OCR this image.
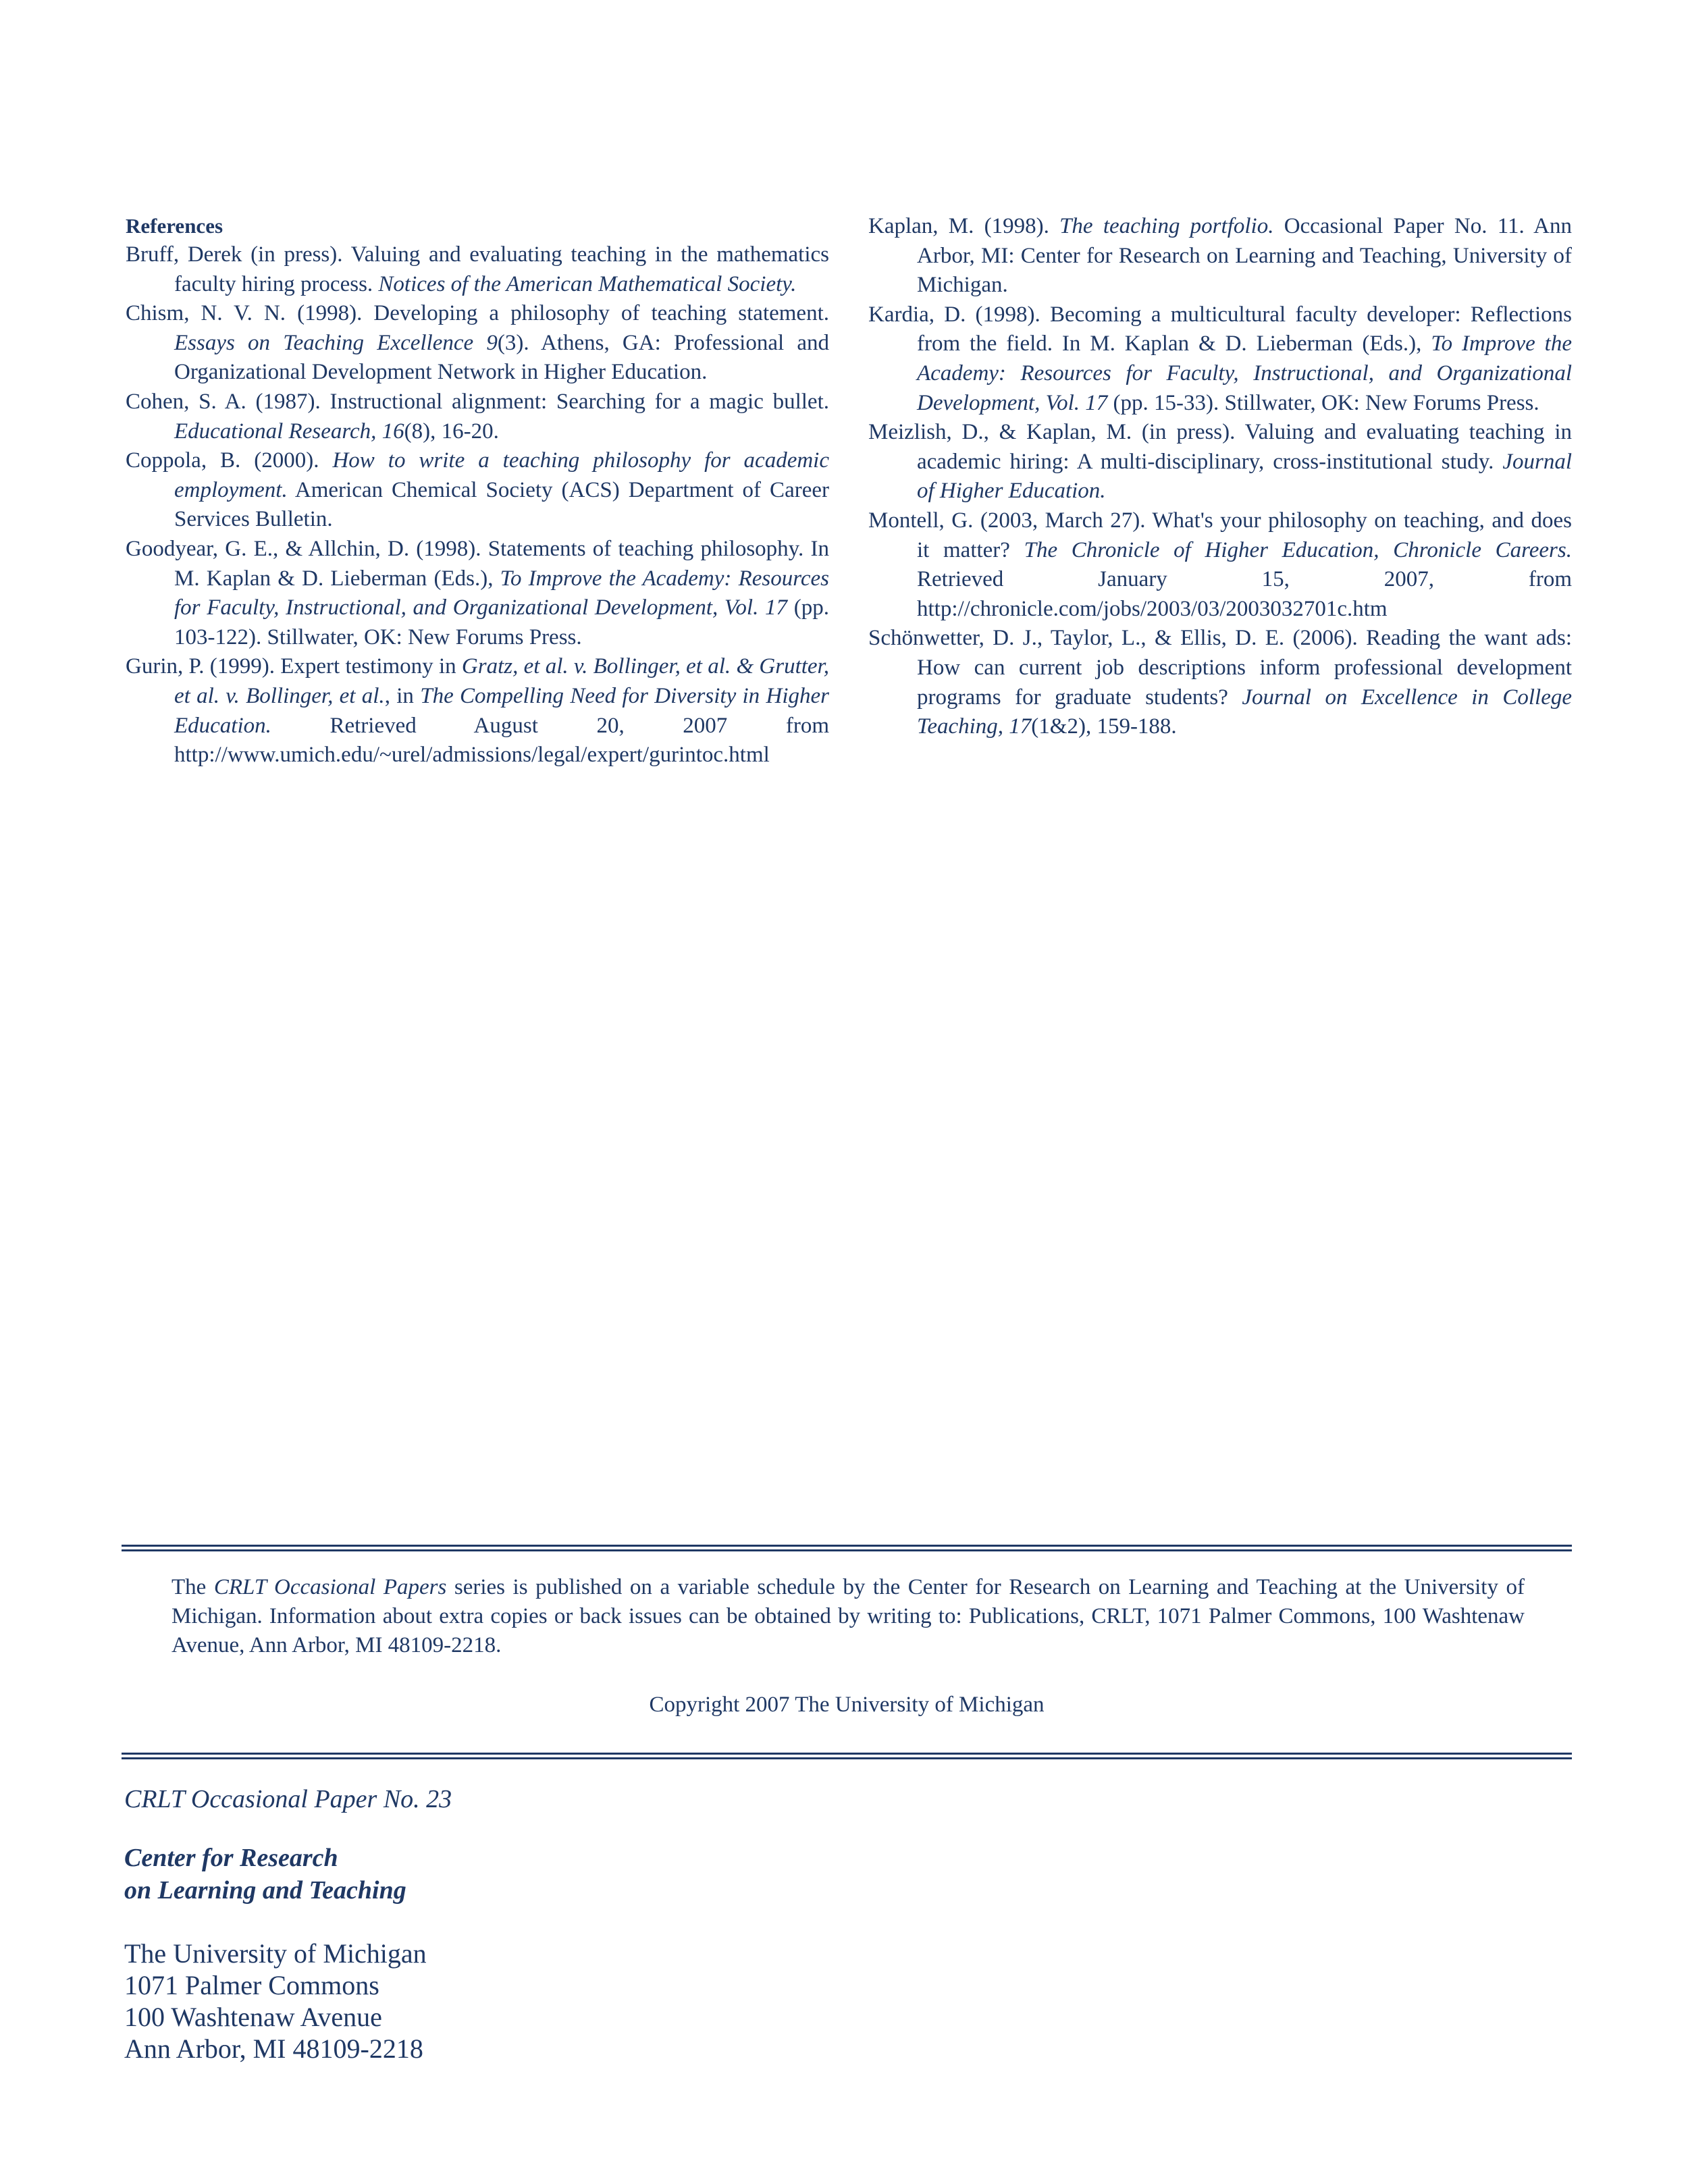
References

Bruff, Derek (in press). Valuing and evaluating teaching in the mathematics faculty hiring process. Notices of the American Mathematical Society.

Chism, N. V. N. (1998). Developing a philosophy of teaching statement. Essays on Teaching Excellence 9(3). Athens, GA: Professional and Organizational Development Network in Higher Education.

Cohen, S. A. (1987). Instructional alignment: Searching for a magic bullet. Educational Research, 16(8), 16-20.

Coppola, B. (2000). How to write a teaching philosophy for academic employment. American Chemical Society (ACS) Department of Career Services Bulletin.

Goodyear, G. E., & Allchin, D. (1998). Statements of teaching philosophy. In M. Kaplan & D. Lieberman (Eds.), To Improve the Academy: Resources for Faculty, Instructional, and Organizational Development, Vol. 17 (pp. 103-122). Stillwater, OK: New Forums Press.

Gurin, P. (1999). Expert testimony in Gratz, et al. v. Bollinger, et al. & Grutter, et al. v. Bollinger, et al., in The Compelling Need for Diversity in Higher Education. Retrieved August 20, 2007 from http://www.umich.edu/~urel/admissions/legal/expert/gurintoc.html

Kaplan, M. (1998). The teaching portfolio. Occasional Paper No. 11. Ann Arbor, MI: Center for Research on Learning and Teaching, University of Michigan.

Kardia, D. (1998). Becoming a multicultural faculty developer: Reflections from the field. In M. Kaplan & D. Lieberman (Eds.), To Improve the Academy: Resources for Faculty, Instructional, and Organizational Development, Vol. 17 (pp. 15-33). Stillwater, OK: New Forums Press.

Meizlish, D., & Kaplan, M. (in press). Valuing and evaluating teaching in academic hiring: A multi-disciplinary, cross-institutional study. Journal of Higher Education.

Montell, G. (2003, March 27). What's your philosophy on teaching, and does it matter? The Chronicle of Higher Education, Chronicle Careers. Retrieved January 15, 2007, from http://chronicle.com/jobs/2003/03/2003032701c.htm

Schönwetter, D. J., Taylor, L., & Ellis, D. E. (2006). Reading the want ads: How can current job descriptions inform professional development programs for graduate students? Journal on Excellence in College Teaching, 17(1&2), 159-188.

The CRLT Occasional Papers series is published on a variable schedule by the Center for Research on Learning and Teaching at the University of Michigan. Information about extra copies or back issues can be obtained by writing to: Publications, CRLT, 1071 Palmer Commons, 100 Washtenaw Avenue, Ann Arbor, MI 48109-2218.

Copyright 2007 The University of Michigan

CRLT Occasional Paper No. 23

Center for Research
on Learning and Teaching
The University of Michigan
1071 Palmer Commons
100 Washtenaw Avenue
Ann Arbor, MI 48109-2218
